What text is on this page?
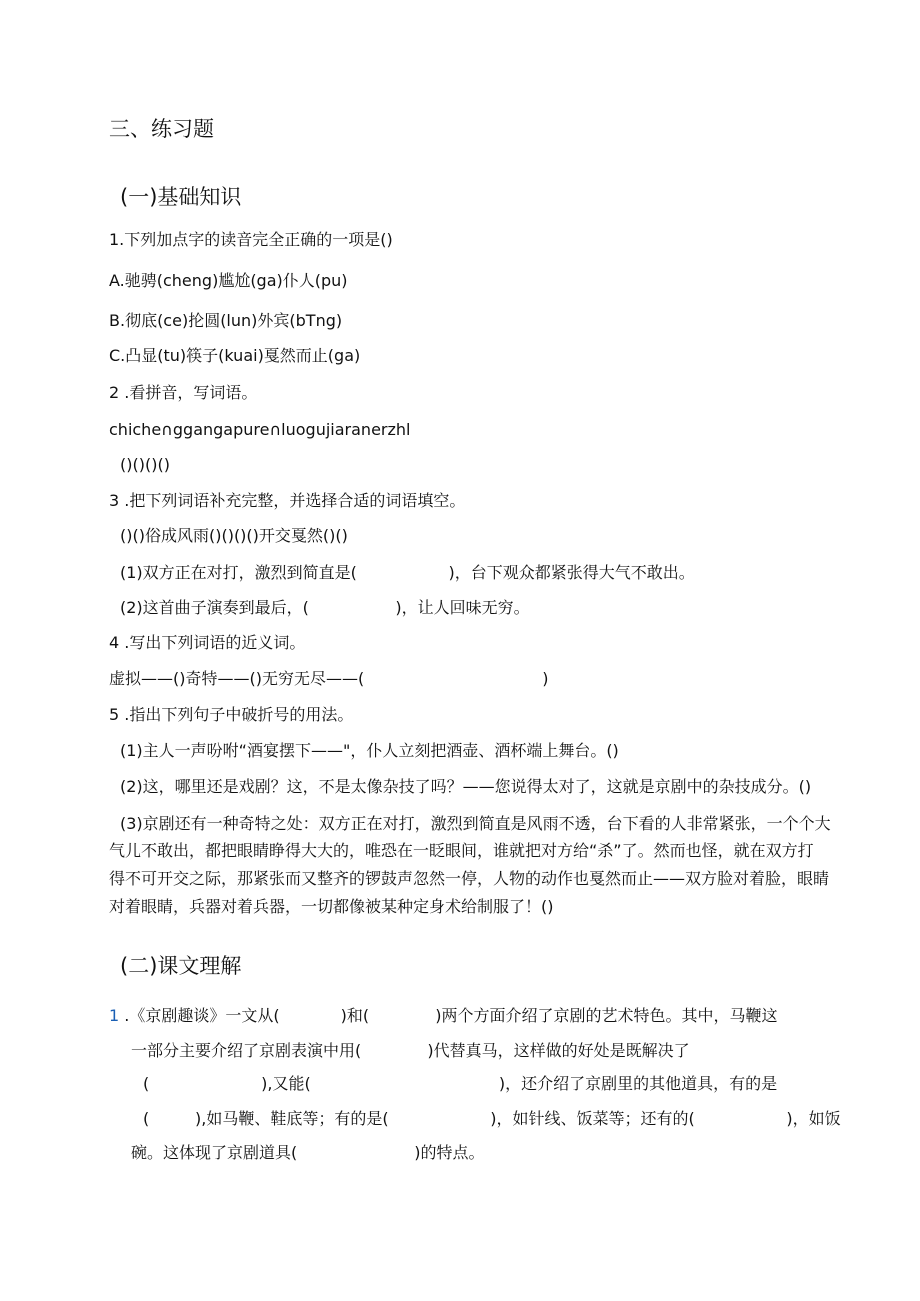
三、练习题
(一)基础知识
1.下列加点字的读音完全正确的一项是()
A.驰骋(cheng)尴尬(ga)仆人(pu)
B.彻底(ce)抡圆(lun)外宾(bTng)
C.凸显(tu)筷子(kuai)戛然而止(ga)
2 .看拼音，写词语。
chiche∩ggangapure∩luogujiaranerzhl
()()()()
3 .把下列词语补充完整，并选择合适的词语填空。
()()俗成风雨()()()()开交戛然()()
(1)双方正在对打，激烈到简直是(                  )，台下观众都紧张得大气不敢出。
(2)这首曲子演奏到最后，(                 )，让人回味无穷。
4 .写出下列词语的近义词。
虚拟——()奇特——()无穷无尽——(                                   )
5 .指出下列句子中破折号的用法。
(1)主人一声吩咐“酒宴摆下——"，仆人立刻把酒壶、酒杯端上舞台。()
(2)这，哪里还是戏剧？这，不是太像杂技了吗？——您说得太对了，这就是京剧中的杂技成分。()
(3)京剧还有一种奇特之处：双方正在对打，激烈到简直是风雨不透，台下看的人非常紧张，一个个大
气儿不敢出，都把眼睛睁得大大的，唯恐在一眨眼间，谁就把对方给“杀”了。然而也怪，就在双方打
得不可开交之际，那紧张而又整齐的锣鼓声忽然一停，人物的动作也戛然而止——双方脸对着脸，眼睛
对着眼睛，兵器对着兵器，一切都像被某种定身术给制服了！()
(二)课文理解
1 .《京剧趣谈》一文从(            )和(             )两个方面介绍了京剧的艺术特色。其中，马鞭这
一部分主要介绍了京剧表演中用(             )代替真马，这样做的好处是既解决了
(                      ),又能(                                     )，还介绍了京剧里的其他道具，有的是
(         ),如马鞭、鞋底等；有的是(                    )，如针线、饭菜等；还有的(                  )，如饭
碗。这体现了京剧道具(                       )的特点。
